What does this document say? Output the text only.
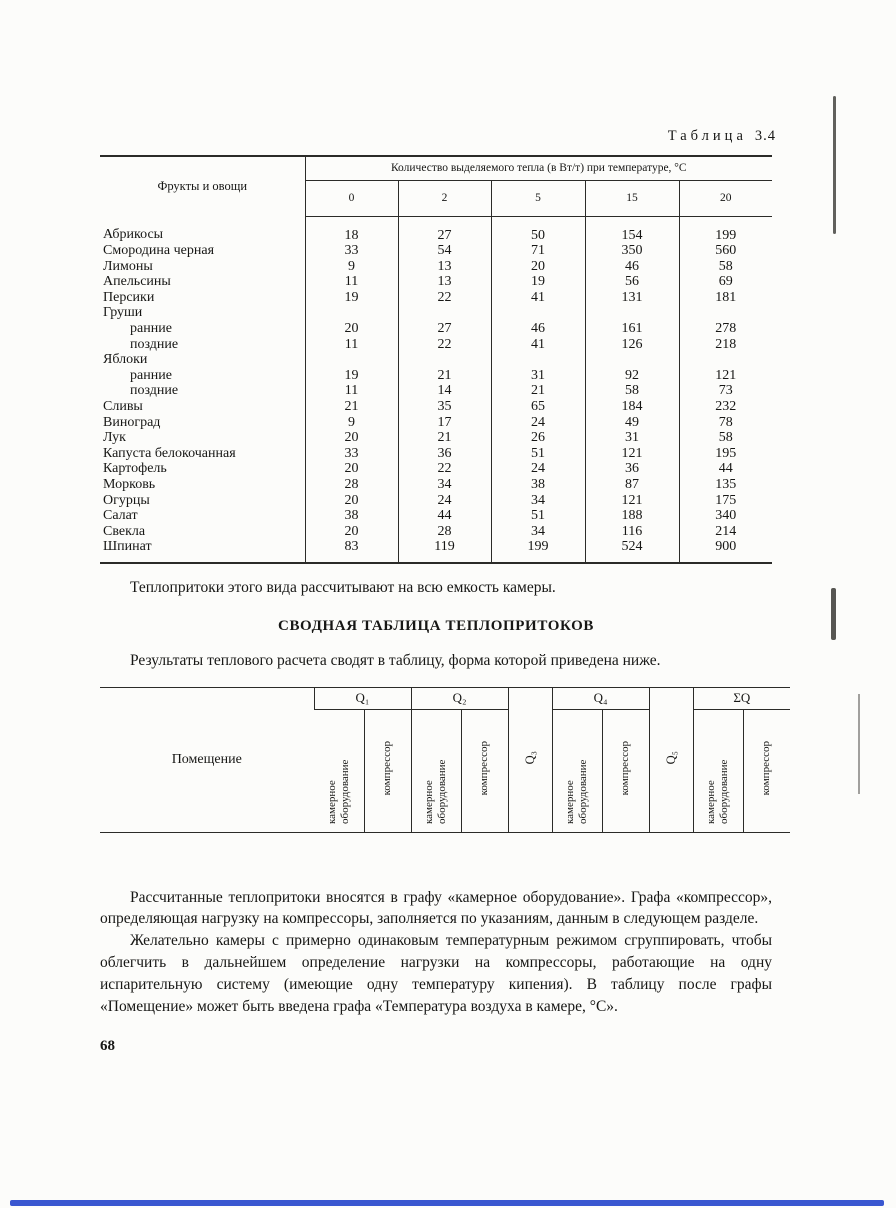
Таблица 3.4
Фрукты и овощи	Количество выделяемого тепла (в Вт/т) при температуре, °С				
	0	2	5	15	20
Абрикосы	18	27	50	154	199
Смородина черная	33	54	71	350	560
Лимоны	9	13	20	46	58
Апельсины	11	13	19	56	69
Персики	19	22	41	131	181
Груши					
ранние	20	27	46	161	278
поздние	11	22	41	126	218
Яблоки					
ранние	19	21	31	92	121
поздние	11	14	21	58	73
Сливы	21	35	65	184	232
Виноград	9	17	24	49	78
Лук	20	21	26	31	58
Капуста белокочанная	33	36	51	121	195
Картофель	20	22	24	36	44
Морковь	28	34	38	87	135
Огурцы	20	24	34	121	175
Салат	38	44	51	188	340
Свекла	20	28	34	116	214
Шпинат	83	119	199	524	900

Теплопритоки этого вида рассчитывают на всю емкость камеры.

СВОДНАЯ ТАБЛИЦА ТЕПЛОПРИТОКОВ

Результаты теплового расчета сводят в таблицу, форма которой приведена ниже.

Помещение	Q₁		Q₂		Q₃	Q₄		Q₅	ΣQ	
	камерное оборудование	компрессор	камерное оборудование	компрессор		камерное оборудование	компрессор		камерное оборудование	компрессор

Рассчитанные теплопритоки вносятся в графу «камерное оборудование». Графа «компрессор», определяющая нагрузку на компрессоры, заполняется по указаниям, данным в следующем разделе.

Желательно камеры с примерно одинаковым температурным режимом сгруппировать, чтобы облегчить в дальнейшем определение нагрузки на компрессоры, работающие на одну испарительную систему (имеющие одну температуру кипения). В таблицу после графы «Помещение» может быть введена графа «Температура воздуха в камере, °С».

68
